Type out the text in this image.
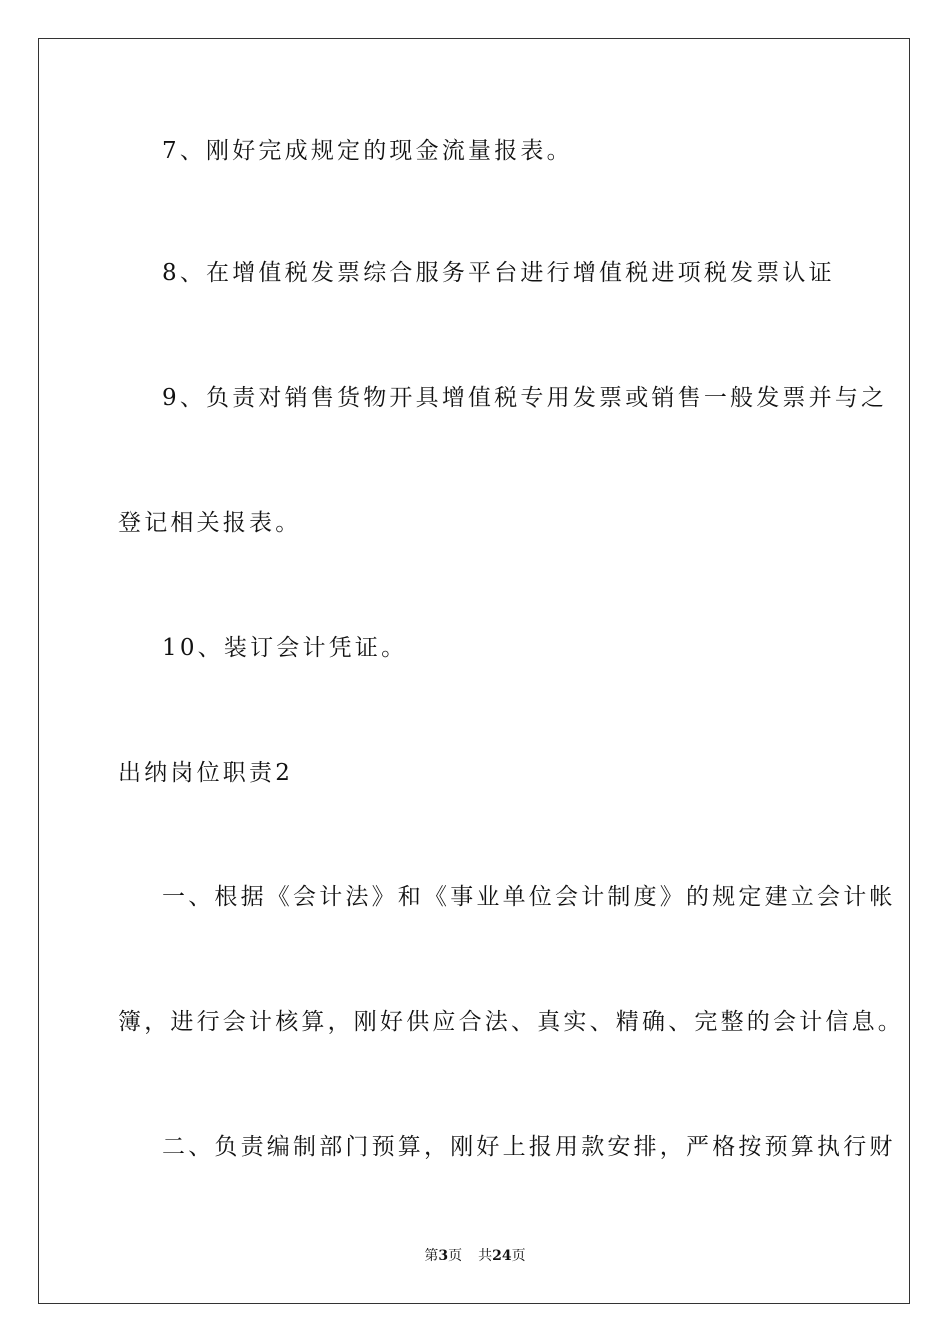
7、刚好完成规定的现金流量报表。
8、在增值税发票综合服务平台进行增值税进项税发票认证
9、负责对销售货物开具增值税专用发票或销售一般发票并与之
登记相关报表。
10、装订会计凭证。
出纳岗位职责2
一、根据《会计法》和《事业单位会计制度》的规定建立会计帐
簿，进行会计核算，刚好供应合法、真实、精确、完整的会计信息。
二、负责编制部门预算，刚好上报用款安排，严格按预算执行财
第3页 共24页
